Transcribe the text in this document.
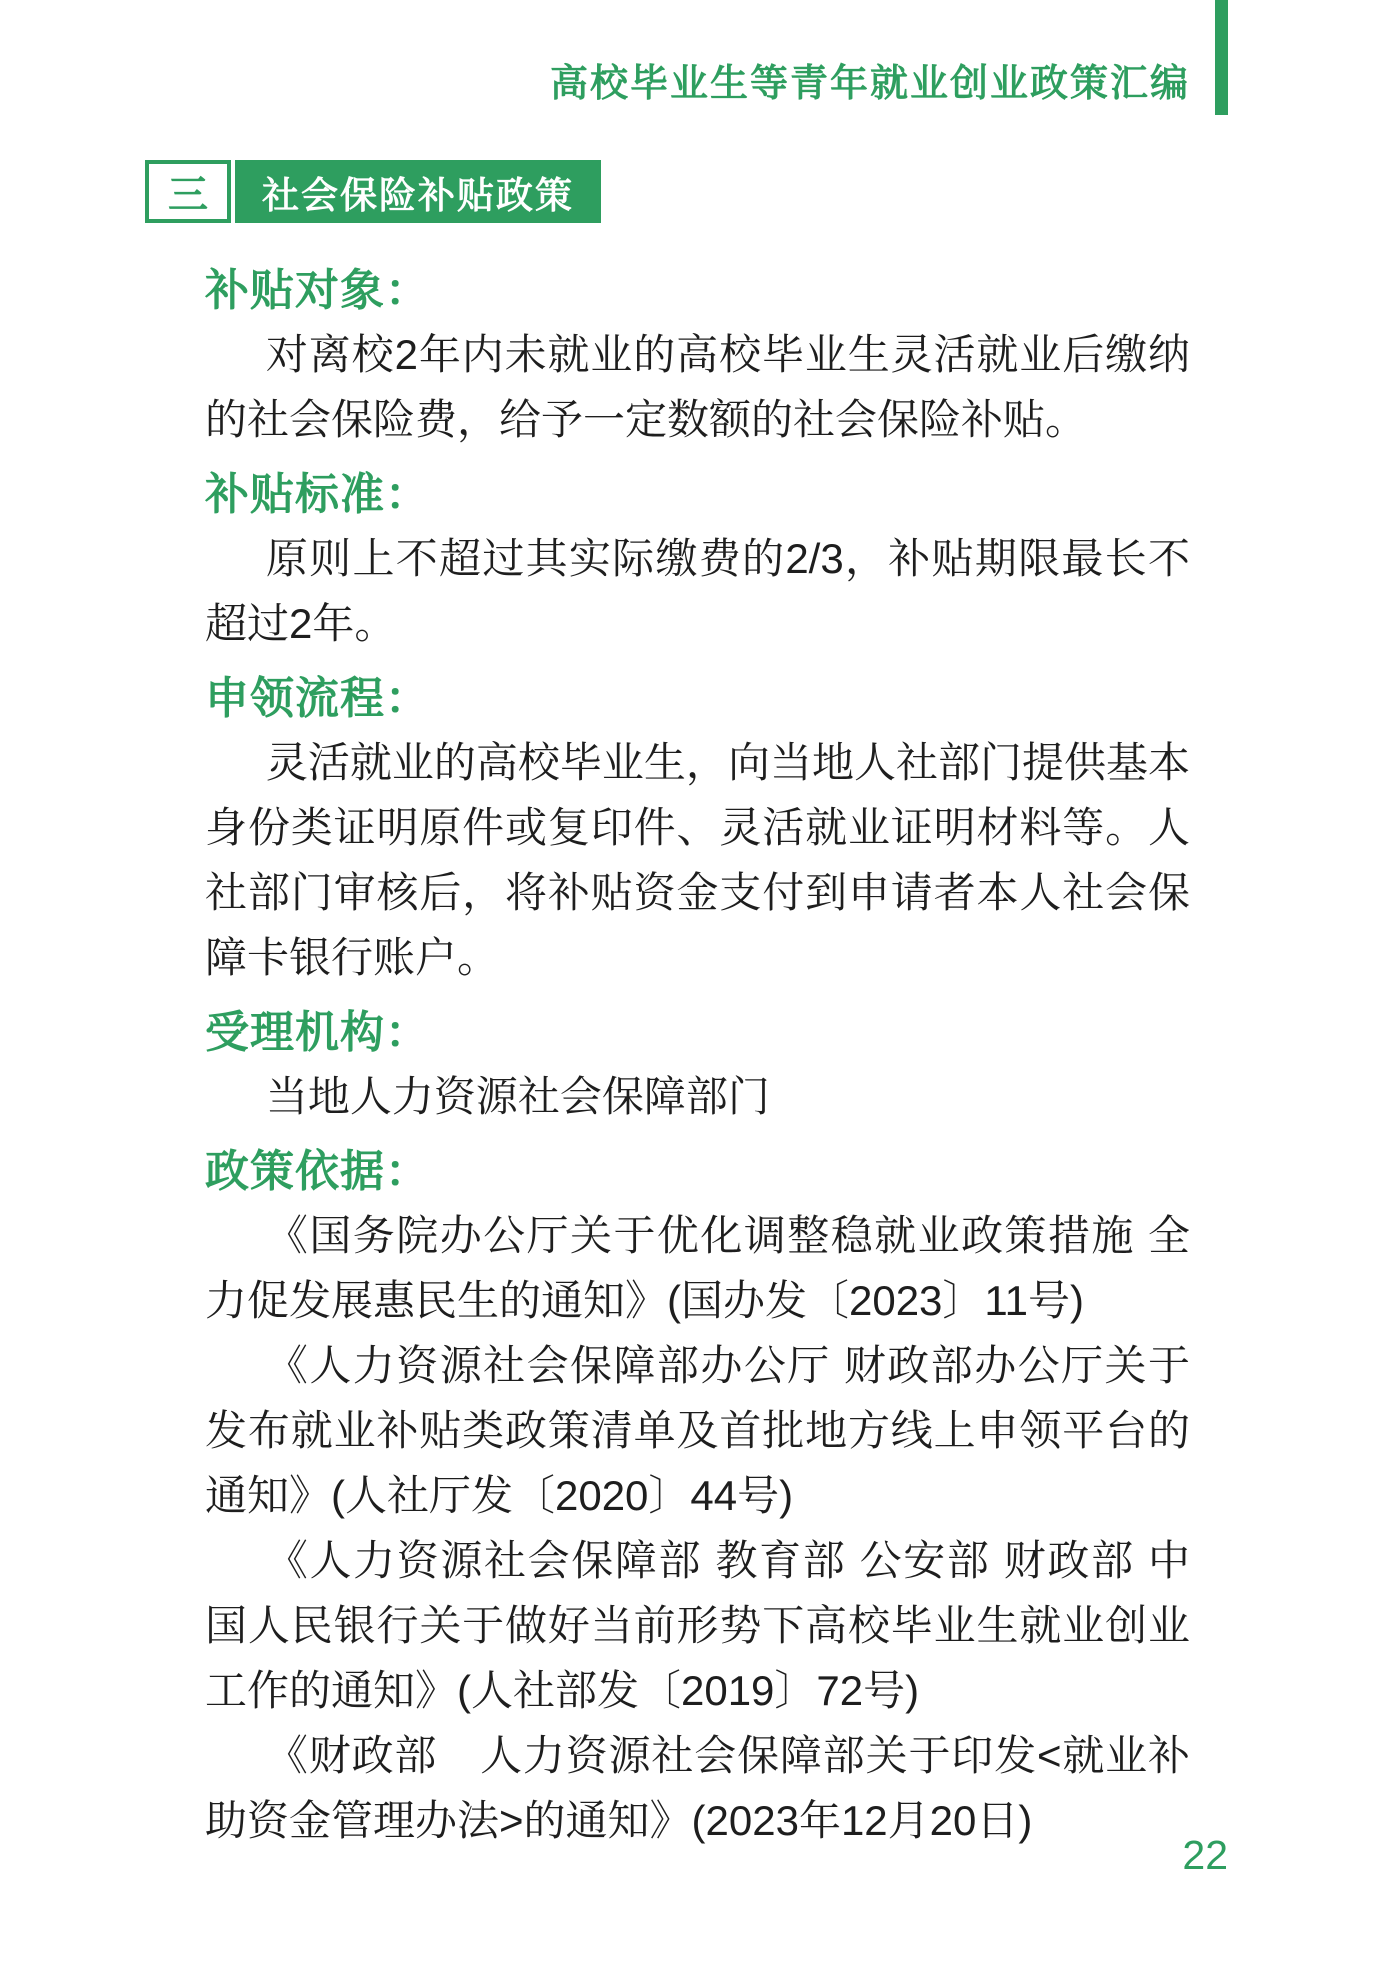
高校毕业生等青年就业创业政策汇编
三	社会保险补贴政策
补贴对象：

对离校2年内未就业的高校毕业生灵活就业后缴纳的社会保险费，给予一定数额的社会保险补贴。

补贴标准：

原则上不超过其实际缴费的2/3，补贴期限最长不超过2年。

申领流程：

灵活就业的高校毕业生，向当地人社部门提供基本身份类证明原件或复印件、灵活就业证明材料等。人社部门审核后，将补贴资金支付到申请者本人社会保障卡银行账户。

受理机构：

当地人力资源社会保障部门

政策依据：

《国务院办公厅关于优化调整稳就业政策措施 全力促发展惠民生的通知》(国办发〔2023〕11号)

《人力资源社会保障部办公厅 财政部办公厅关于发布就业补贴类政策清单及首批地方线上申领平台的通知》(人社厅发〔2020〕44号)

《人力资源社会保障部 教育部 公安部 财政部 中国人民银行关于做好当前形势下高校毕业生就业创业工作的通知》(人社部发〔2019〕72号)

《财政部　人力资源社会保障部关于印发<就业补助资金管理办法>的通知》(2023年12月20日)

22
